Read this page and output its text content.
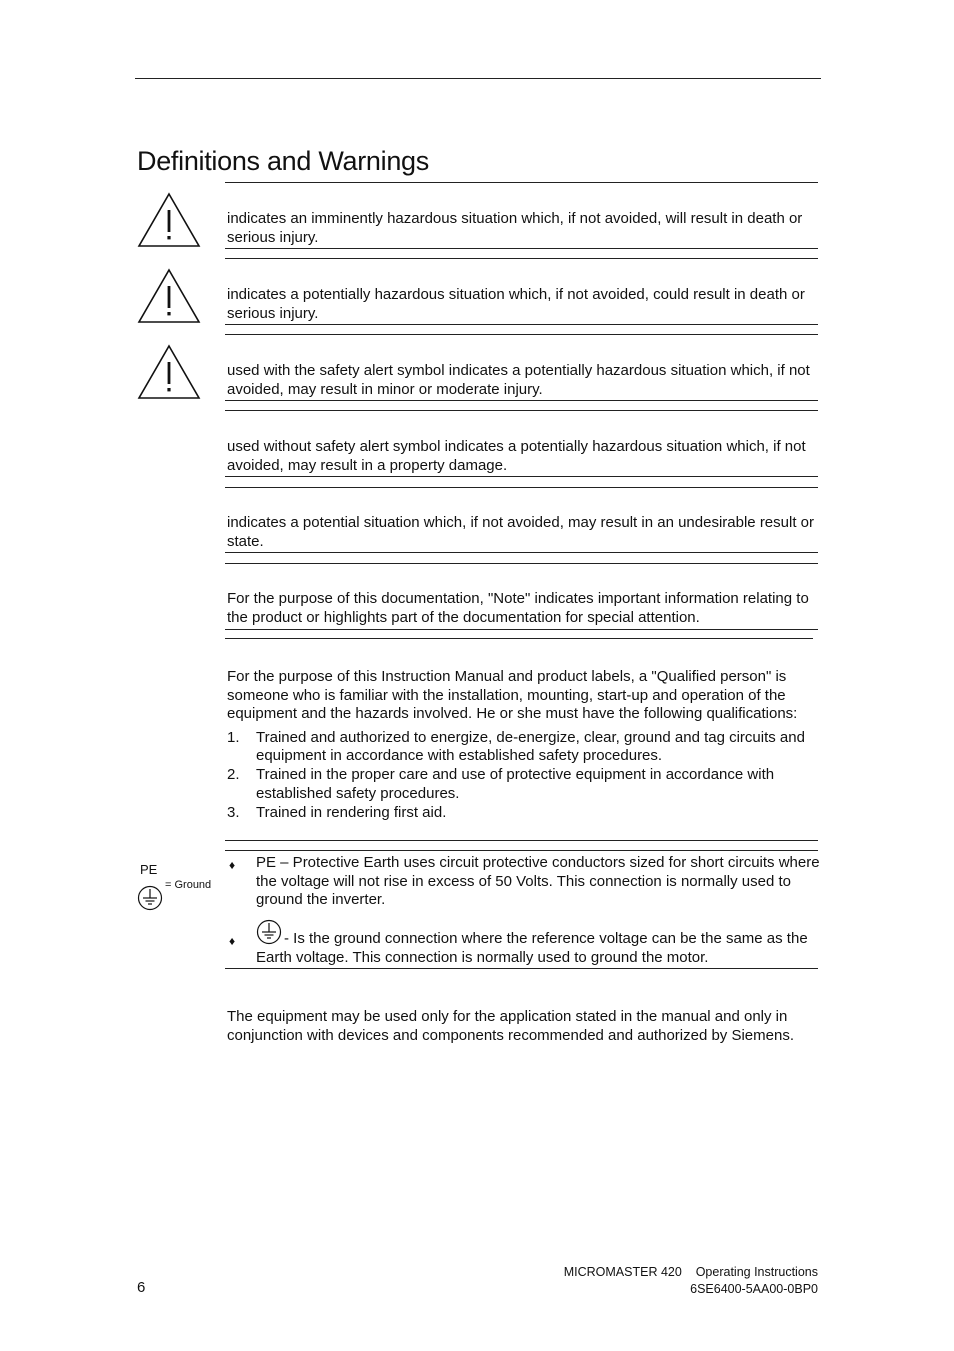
Definitions and Warnings
indicates an imminently hazardous situation which, if not avoided, will result in death or serious injury.
indicates a potentially hazardous situation which, if not avoided, could result in death or serious injury.
used with the safety alert symbol indicates a potentially hazardous situation which, if not avoided, may result in minor or moderate injury.
used without safety alert symbol indicates a potentially hazardous situation which, if not avoided, may result in a property damage.
indicates a potential situation which, if not avoided, may result in an undesirable result or state.
For the purpose of this documentation, "Note" indicates important information relating to the product or highlights part of the documentation for special attention.
For the purpose of this Instruction Manual and product labels, a "Qualified person" is someone who is familiar with the installation, mounting, start-up and operation of the equipment and the hazards involved. He or she must have the following qualifications:
1. Trained and authorized to energize, de-energize, clear, ground and tag circuits and equipment in accordance with established safety procedures.
2. Trained in the proper care and use of protective equipment in accordance with established safety procedures.
3. Trained in rendering first aid.
PE
= Ground
♦ PE – Protective Earth uses circuit protective conductors sized for short circuits where the voltage will not rise in excess of 50 Volts. This connection is normally used to ground the inverter.
♦	- Is the ground connection where the reference voltage can be the same as the Earth voltage. This connection is normally used to ground the motor.
The equipment may be used only for the application stated in the manual and only in conjunction with devices and components recommended and authorized by Siemens.
6
MICROMASTER 420    Operating Instructions
6SE6400-5AA00-0BP0
